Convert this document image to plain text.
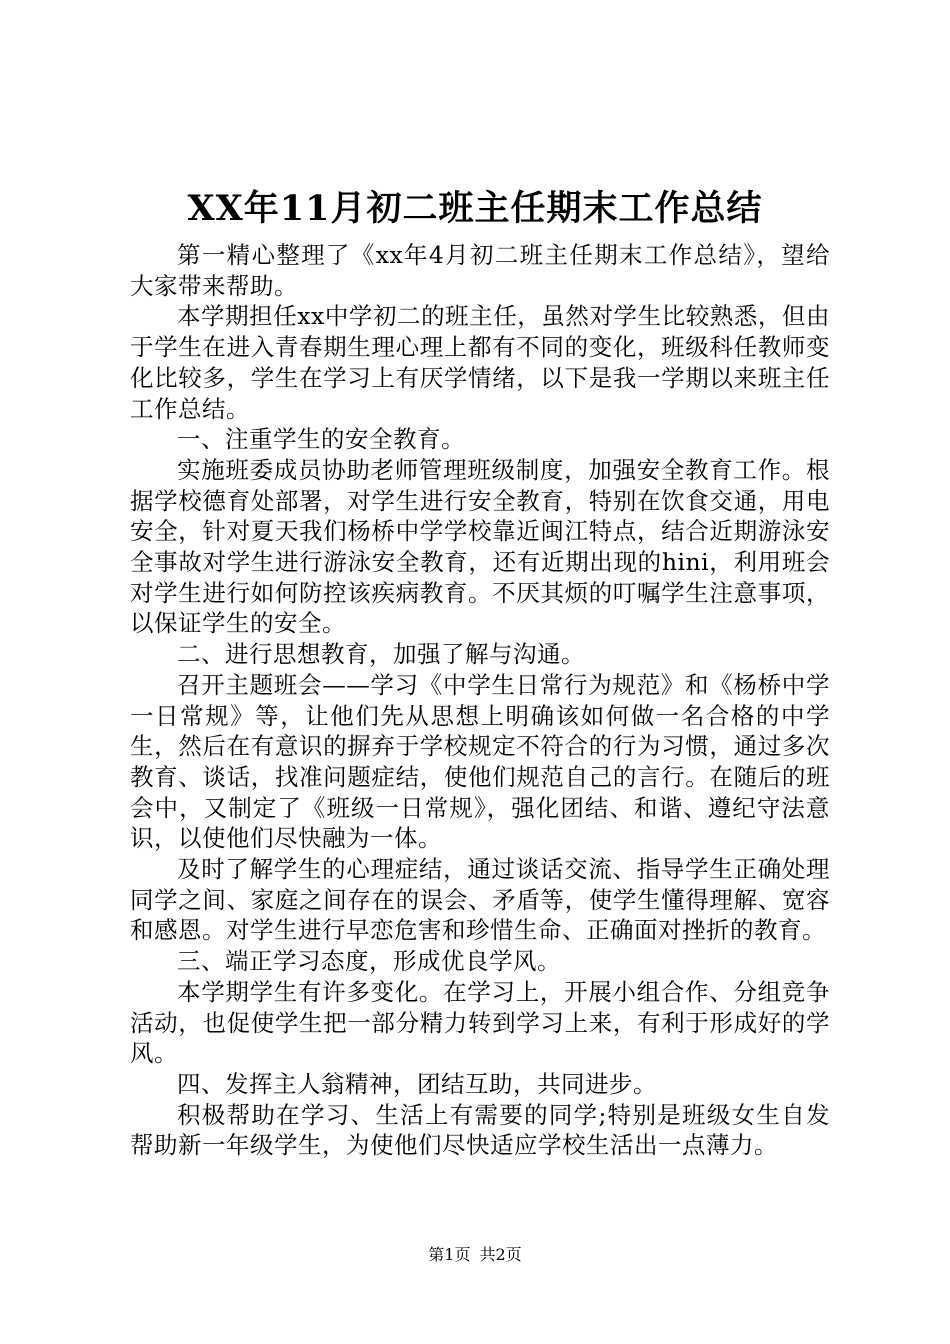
XX年11月初二班主任期末工作总结

第一精心整理了《xx年4月初二班主任期末工作总结》，望给大家带来帮助。

本学期担任xx中学初二的班主任，虽然对学生比较熟悉，但由于学生在进入青春期生理心理上都有不同的变化，班级科任教师变化比较多，学生在学习上有厌学情绪，以下是我一学期以来班主任工作总结。

一、注重学生的安全教育。

实施班委成员协助老师管理班级制度，加强安全教育工作。根据学校德育处部署，对学生进行安全教育，特别在饮食交通，用电安全，针对夏天我们杨桥中学学校靠近闽江特点，结合近期游泳安全事故对学生进行游泳安全教育，还有近期出现的hini，利用班会对学生进行如何防控该疾病教育。不厌其烦的叮嘱学生注意事项，以保证学生的安全。

二、进行思想教育，加强了解与沟通。

召开主题班会——学习《中学生日常行为规范》和《杨桥中学一日常规》等，让他们先从思想上明确该如何做一名合格的中学生，然后在有意识的摒弃于学校规定不符合的行为习惯，通过多次教育、谈话，找准问题症结，使他们规范自己的言行。在随后的班会中，又制定了《班级一日常规》，强化团结、和谐、遵纪守法意识，以使他们尽快融为一体。

及时了解学生的心理症结，通过谈话交流、指导学生正确处理同学之间、家庭之间存在的误会、矛盾等，使学生懂得理解、宽容和感恩。对学生进行早恋危害和珍惜生命、正确面对挫折的教育。

三、端正学习态度，形成优良学风。

本学期学生有许多变化。在学习上，开展小组合作、分组竞争活动，也促使学生把一部分精力转到学习上来，有利于形成好的学风。

四、发挥主人翁精神，团结互助，共同进步。

积极帮助在学习、生活上有需要的同学;特别是班级女生自发帮助新一年级学生，为使他们尽快适应学校生活出一点薄力。

第1页 共2页
